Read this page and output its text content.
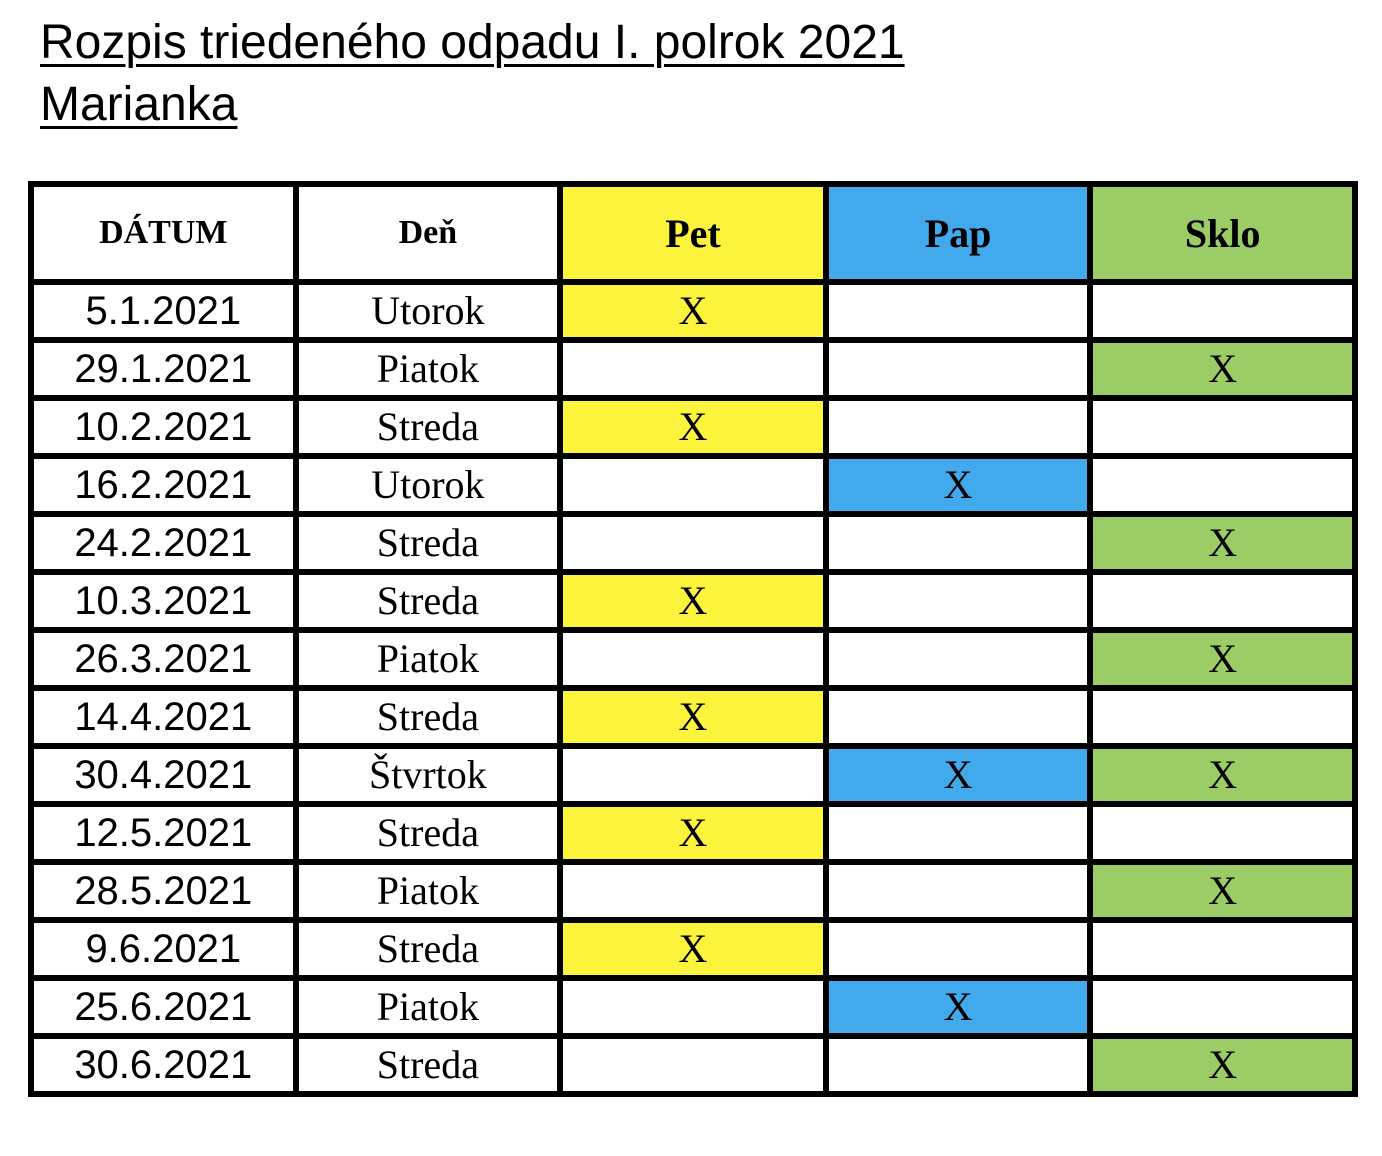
Rozpis triedeného odpadu I. polrok 2021
Marianka
DÁTUM	Deň	Pet	Pap	Sklo
5.1.2021	Utorok	X		
29.1.2021	Piatok			X
10.2.2021	Streda	X		
16.2.2021	Utorok		X	
24.2.2021	Streda			X
10.3.2021	Streda	X		
26.3.2021	Piatok			X
14.4.2021	Streda	X		
30.4.2021	Štvrtok		X	X
12.5.2021	Streda	X		
28.5.2021	Piatok			X
9.6.2021	Streda	X		
25.6.2021	Piatok		X	
30.6.2021	Streda			X
